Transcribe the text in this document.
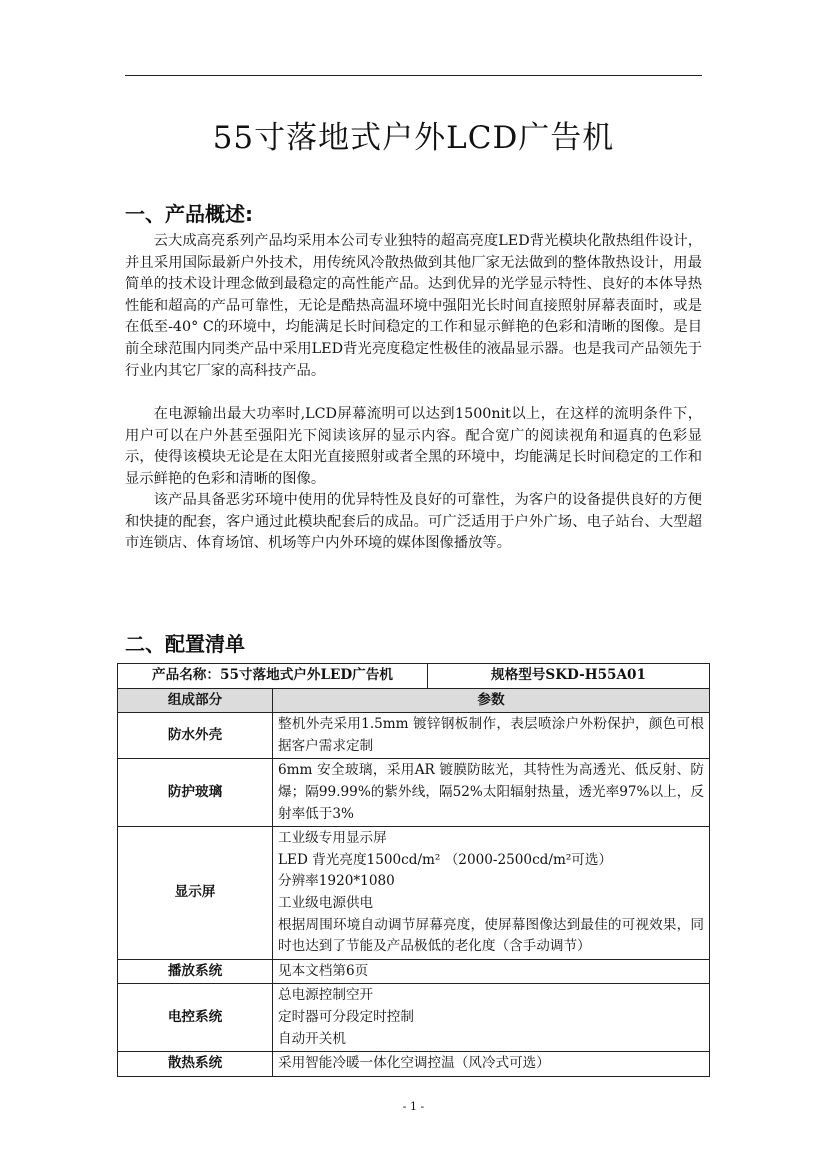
55寸落地式户外LCD广告机
一、产品概述:

云大成高亮系列产品均采用本公司专业独特的超高亮度LED背光模块化散热组件设计，并且采用国际最新户外技术，用传统风冷散热做到其他厂家无法做到的整体散热设计，用最简单的技术设计理念做到最稳定的高性能产品。达到优异的光学显示特性、良好的本体导热性能和超高的产品可靠性，无论是酷热高温环境中强阳光长时间直接照射屏幕表面时，或是在低至-40° C的环境中，均能满足长时间稳定的工作和显示鲜艳的色彩和清晰的图像。是目前全球范围内同类产品中采用LED背光亮度稳定性极佳的液晶显示器。也是我司产品领先于行业内其它厂家的高科技产品。

在电源输出最大功率时,LCD屏幕流明可以达到1500nit以上，在这样的流明条件下，用户可以在户外甚至强阳光下阅读该屏的显示内容。配合宽广的阅读视角和逼真的色彩显示，使得该模块无论是在太阳光直接照射或者全黑的环境中，均能满足长时间稳定的工作和显示鲜艳的色彩和清晰的图像。

该产品具备恶劣环境中使用的优异特性及良好的可靠性，为客户的设备提供良好的方便和快捷的配套，客户通过此模块配套后的成品。可广泛适用于户外广场、电子站台、大型超市连锁店、体育场馆、机场等户内外环境的媒体图像播放等。

二、配置清单
产品名称：55寸落地式户外LED广告机		规格型号SKD-H55A01
组成部分	参数	
防水外壳	整机外壳采用1.5mm 镀锌钢板制作，表层喷涂户外粉保护，颜色可根据客户需求定制	

防护玻璃	6mm 安全玻璃，采用AR 镀膜防眩光，其特性为高透光、低反射、防爆；隔99.99%的紫外线，隔52%太阳辐射热量，透光率97%以上，反射率低于3%	

显示屏	工业级专用显示屏
LED 背光亮度1500cd/m² （2000-2500cd/m²可选）
分辨率1920*1080
工业级电源供电
根据周围环境自动调节屏幕亮度，使屏幕图像达到最佳的可视效果，同时也达到了节能及产品极低的老化度（含手动调节）	

播放系统	见本文档第6页	

电控系统	总电源控制空开
定时器可分段定时控制
自动开关机	

散热系统	采用智能冷暖一体化空调控温（风冷式可选）	
- 1 -
